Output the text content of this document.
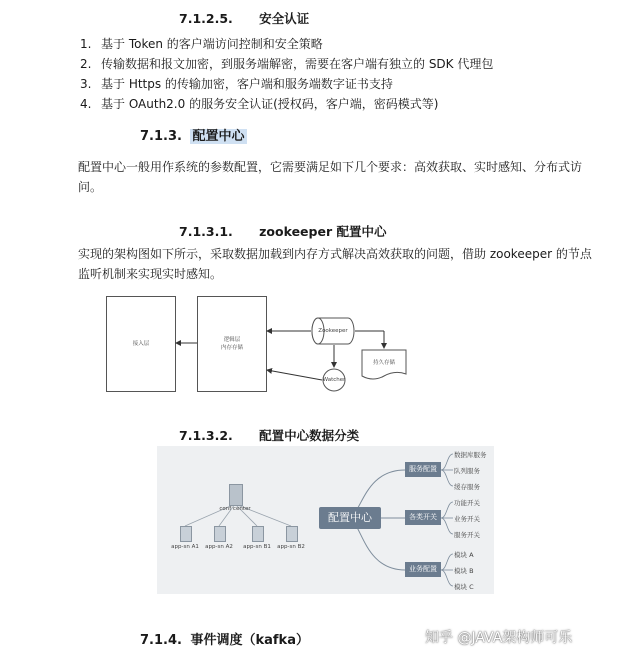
7.1.2.5. 安全认证
1. 基于 Token 的客户端访问控制和安全策略
2. 传输数据和报文加密，到服务端解密，需要在客户端有独立的 SDK 代理包
3. 基于 Https 的传输加密，客户端和服务端数字证书支持
4. 基于 OAuth2.0 的服务安全认证(授权码，客户端，密码模式等)
7.1.3. 配置中心
配置中心一般用作系统的参数配置，它需要满足如下几个要求：高效获取、实时感知、分布式访
问。
7.1.3.1. zookeeper 配置中心
实现的架构图如下所示，采取数据加载到内存方式解决高效获取的问题，借助 zookeeper 的节点
监听机制来实现实时感知。
接入层
逻辑层
内存存储
Zookeeper
Watcher
持久存储
7.1.3.2. 配置中心数据分类
conf center
app-sn A1	app-sn A2	app-sn B1	app-sn B2
配置中心
服务配置
各类开关
业务配置
数据库服务
队列服务
缓存服务
功能开关
业务开关
服务开关
模块 A
模块 B
模块 C
7.1.4. 事件调度（kafka）	知乎 @JAVA架构师可乐
